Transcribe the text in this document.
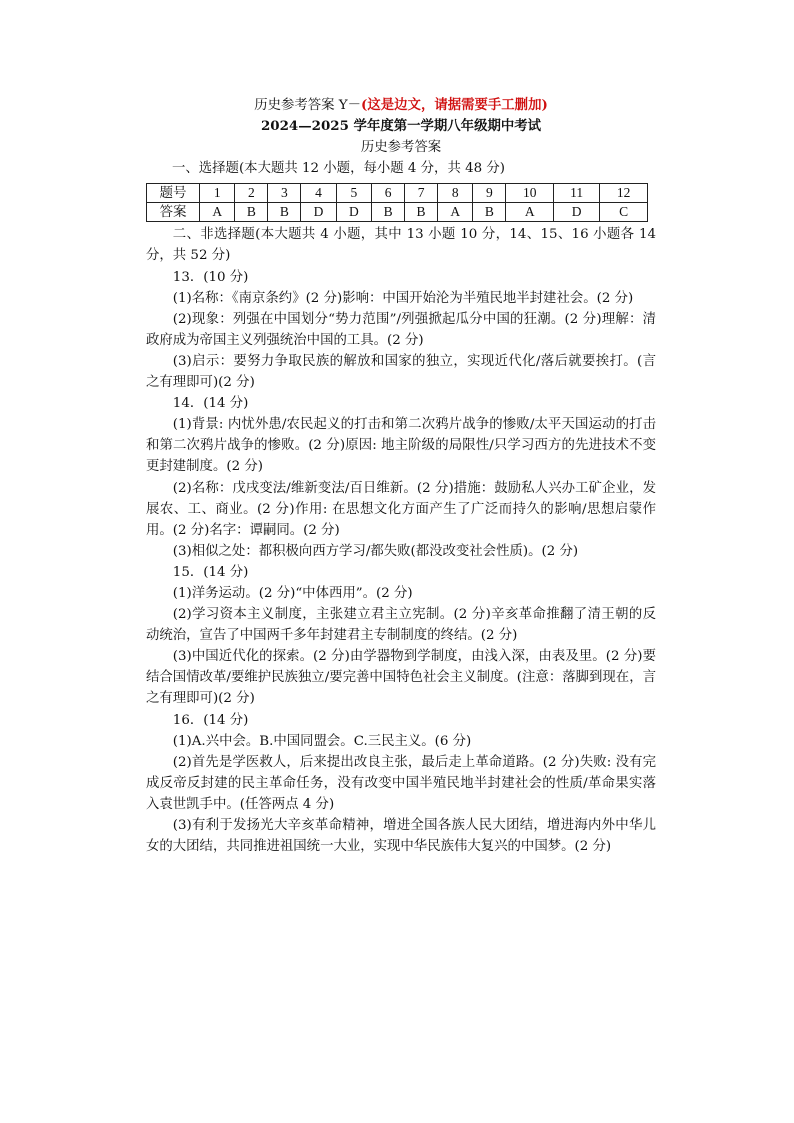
历史参考答案 Y－(这是边文，请据需要手工删加)

2024—2025 学年度第一学期八年级期中考试

历史参考答案

一、选择题(本大题共 12 小题，每小题 4 分，共 48 分)

题号	1	2	3	4	5	6	7	8	9	10	11	12
答案	A	B	B	D	D	B	B	A	B	A	D	C

二、非选择题(本大题共 4 小题，其中 13 小题 10 分，14、15、16 小题各 14 分，共 52 分)

13．(10 分)

(1)名称：《南京条约》(2 分)影响：中国开始沦为半殖民地半封建社会。(2 分)

(2)现象：列强在中国划分“势力范围”/列强掀起瓜分中国的狂潮。(2 分)理解：清政府成为帝国主义列强统治中国的工具。(2 分)

(3)启示：要努力争取民族的解放和国家的独立，实现近代化/落后就要挨打。(言之有理即可)(2 分)

14．(14 分)

(1)背景: 内忧外患/农民起义的打击和第二次鸦片战争的惨败/太平天国运动的打击和第二次鸦片战争的惨败。(2 分)原因: 地主阶级的局限性/只学习西方的先进技术不变更封建制度。(2 分)

(2)名称：戊戌变法/维新变法/百日维新。(2 分)措施：鼓励私人兴办工矿企业，发展农、工、商业。(2 分)作用: 在思想文化方面产生了广泛而持久的影响/思想启蒙作用。(2 分)名字：谭嗣同。(2 分)

(3)相似之处：都积极向西方学习/都失败(都没改变社会性质)。(2 分)

15．(14 分)

(1)洋务运动。(2 分)“中体西用”。(2 分)

(2)学习资本主义制度，主张建立君主立宪制。(2 分)辛亥革命推翻了清王朝的反动统治，宣告了中国两千多年封建君主专制制度的终结。(2 分)

(3)中国近代化的探索。(2 分)由学器物到学制度，由浅入深，由表及里。(2 分)要结合国情改革/要维护民族独立/要完善中国特色社会主义制度。(注意：落脚到现在，言之有理即可)(2 分)

16．(14 分)

(1)A.兴中会。B.中国同盟会。C.三民主义。(6 分)

(2)首先是学医救人，后来提出改良主张，最后走上革命道路。(2 分)失败: 没有完成反帝反封建的民主革命任务，没有改变中国半殖民地半封建社会的性质/革命果实落入袁世凯手中。(任答两点 4 分)

(3)有利于发扬光大辛亥革命精神，增进全国各族人民大团结，增进海内外中华儿女的大团结，共同推进祖国统一大业，实现中华民族伟大复兴的中国梦。(2 分)
